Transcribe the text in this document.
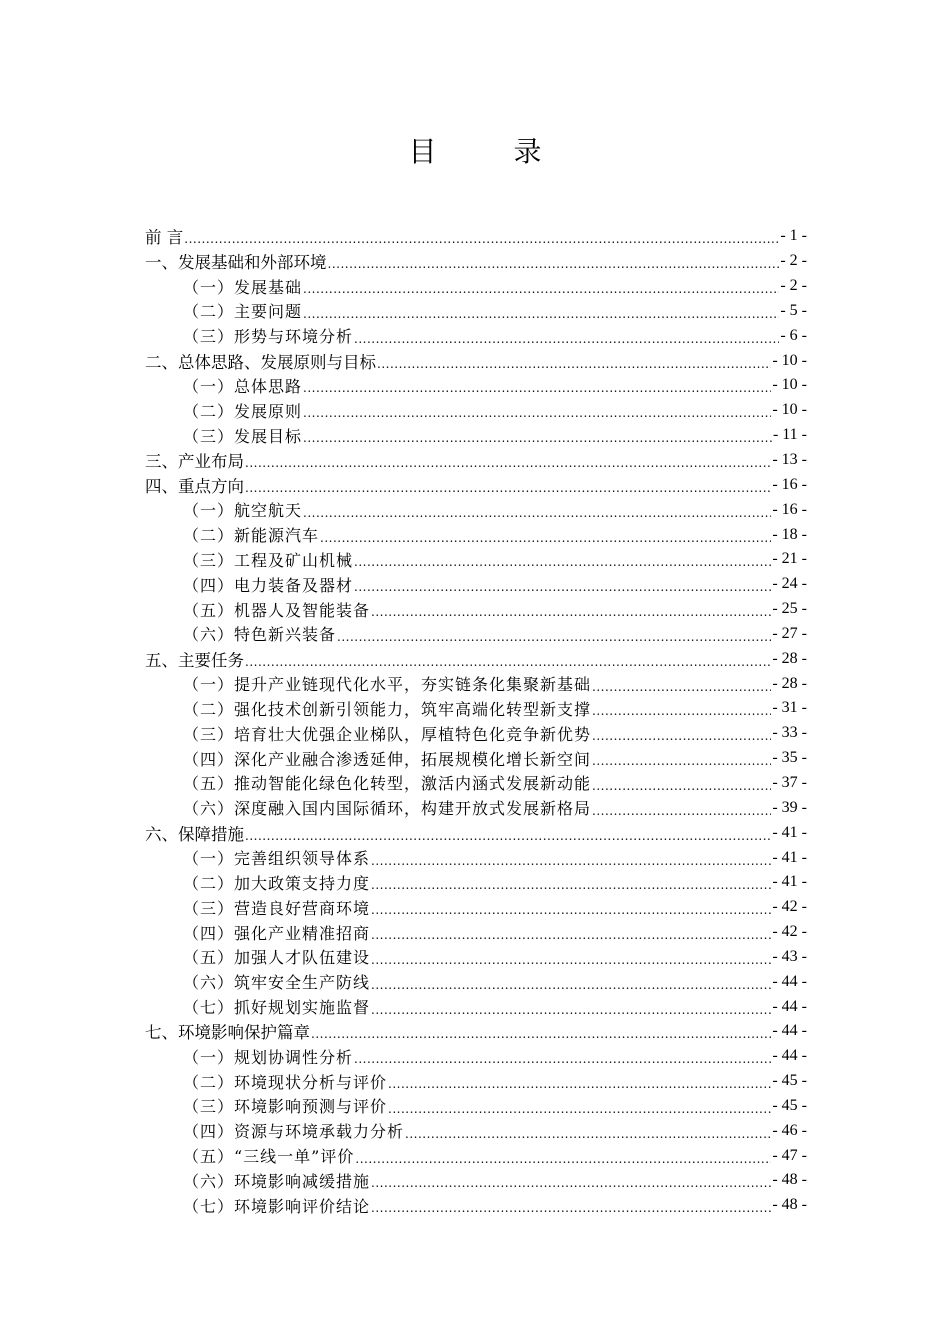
目 录
前 言 .....	- 1 -
一、发展基础和外部环境 .....	- 2 -
（一）发展基础 .....	- 2 -
（二）主要问题 .....	- 5 -
（三）形势与环境分析 .....	- 6 -
二、总体思路、发展原则与目标 .....	- 10 -
（一）总体思路 .....	- 10 -
（二）发展原则 .....	- 10 -
（三）发展目标 .....	- 11 -
三、产业布局 .....	- 13 -
四、重点方向 .....	- 16 -
（一）航空航天 .....	- 16 -
（二）新能源汽车 .....	- 18 -
（三）工程及矿山机械 .....	- 21 -
（四）电力装备及器材 .....	- 24 -
（五）机器人及智能装备 .....	- 25 -
（六）特色新兴装备 .....	- 27 -
五、主要任务 .....	- 28 -
（一）提升产业链现代化水平，夯实链条化集聚新基础 .....	- 28 -
（二）强化技术创新引领能力，筑牢高端化转型新支撑 .....	- 31 -
（三）培育壮大优强企业梯队，厚植特色化竞争新优势 .....	- 33 -
（四）深化产业融合渗透延伸，拓展规模化增长新空间 .....	- 35 -
（五）推动智能化绿色化转型，激活内涵式发展新动能 .....	- 37 -
（六）深度融入国内国际循环，构建开放式发展新格局 .....	- 39 -
六、保障措施 .....	- 41 -
（一）完善组织领导体系 .....	- 41 -
（二）加大政策支持力度 .....	- 41 -
（三）营造良好营商环境 .....	- 42 -
（四）强化产业精准招商 .....	- 42 -
（五）加强人才队伍建设 .....	- 43 -
（六）筑牢安全生产防线 .....	- 44 -
（七）抓好规划实施监督 .....	- 44 -
七、环境影响保护篇章 .....	- 44 -
（一）规划协调性分析 .....	- 44 -
（二）环境现状分析与评价 .....	- 45 -
（三）环境影响预测与评价 .....	- 45 -
（四）资源与环境承载力分析 .....	- 46 -
（五）“三线一单”评价 .....	- 47 -
（六）环境影响减缓措施 .....	- 48 -
（七）环境影响评价结论 .....	- 48 -
